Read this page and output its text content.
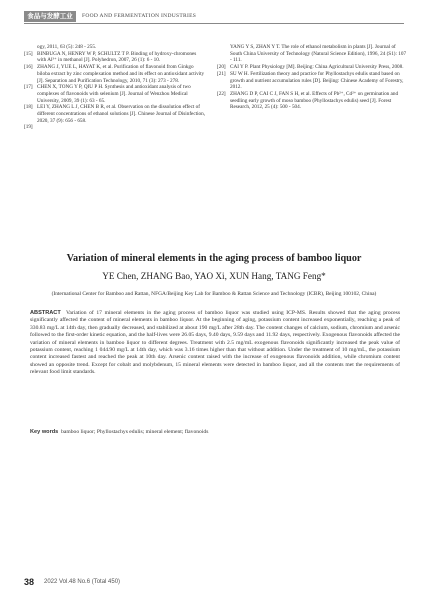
食品与发酵工业	FOOD AND FERMENTATION INDUSTRIES
ogy, 2011, 63 (5): 248 - 255.
[15] BINBUGA N, HENRY W P, SCHULTZ T P. Binding of hydroxy-chromones with Al³⁺ in methanol [J]. Polyhedron, 2007, 26 (1): 6 - 10.
[16] ZHANG J, YUE L, HAYAT K, et al. Purification of flavonoid from Ginkgo biloba extract by zinc complexation method and its effect on antioxidant activity [J]. Separation and Purification Technology, 2010, 71 (3): 273 - 278.
[17] CHEN X, TONG Y P, QIU P H. Synthesis and antioxidant analysis of two complexes of flavonoids with selenium [J]. Journal of Wenzhou Medical University, 2009, 39 (1): 63 - 65.
[18] LEI Y, ZHANG L J, CHEN B R, et al. Observation on the dissolution effect of different concentrations of ethanol solutions [J]. Chinese Journal of Disinfection, 2020, 37 (9): 656 - 658.
[19]
YANG Y S, ZHAN Y T. The role of ethanol metabolism in plants [J]. Journal of South China University of Technology (Natural Science Edition), 1996, 24 (S1): 107 - 111.
[20] CAI Y P. Plant Physiology [M]. Beijing: China Agricultural University Press, 2008.
[21] SU W H. Fertilization theory and practice for Phyllostachys edulis stand based on growth and nutrient accumulation rules [D]. Beijing: Chinese Academy of Forestry, 2012.
[22] ZHANG D P, CAI C J, FAN S H, et al. Effects of Pb²⁺, Cd²⁺ on germination and seedling early growth of moso bamboo (Phyllostachys edulis) seed [J]. Forest Research, 2012, 25 (4): 500 - 504.
Variation of mineral elements in the aging process of bamboo liquor
YE Chen, ZHANG Bao, YAO Xi, XUN Hang, TANG Feng*
(International Center for Bamboo and Rattan, NFGA/Beijing Key Lab for Bamboo & Rattan Science and Technology (ICBR), Beijing 100102, China)
ABSTRACT Variation of 17 mineral elements in the aging process of bamboo liquor was studied using ICP-MS. Results showed that the aging process significantly affected the content of mineral elements in bamboo liquor. At the beginning of aging, potassium content increased exponentially, reaching a peak of 330.83 mg/L at 14th day, then gradually decreased, and stabilized at about 190 mg/L after 28th day. The content changes of calcium, sodium, chromium and arsenic followed to the first-order kinetic equation, and the half-lives were 26.05 days, 9.40 days, 9.59 days and 11.92 days, respectively. Exogenous flavonoids affected the variation of mineral elements in bamboo liquor to different degrees. Treatment with 2.5 mg/mL exogenous flavonoids significantly increased the peak value of potassium content, reaching 1 044.90 mg/L at 14th day, which was 3.16 times higher than that without addition. Under the treatment of 10 mg/mL, the potassium content increased fastest and reached the peak at 10th day. Arsenic content raised with the increase of exogenous flavonoids addition, while chromium content showed an opposite trend. Except for cobalt and molybdenum, 15 mineral elements were detected in bamboo liquor, and all the contents met the requirements of relevant food limit standards.
Key words bamboo liquor; Phyllostachys edulis; mineral element; flavonoids
38 2022 Vol.48 No.6 (Total 450)
